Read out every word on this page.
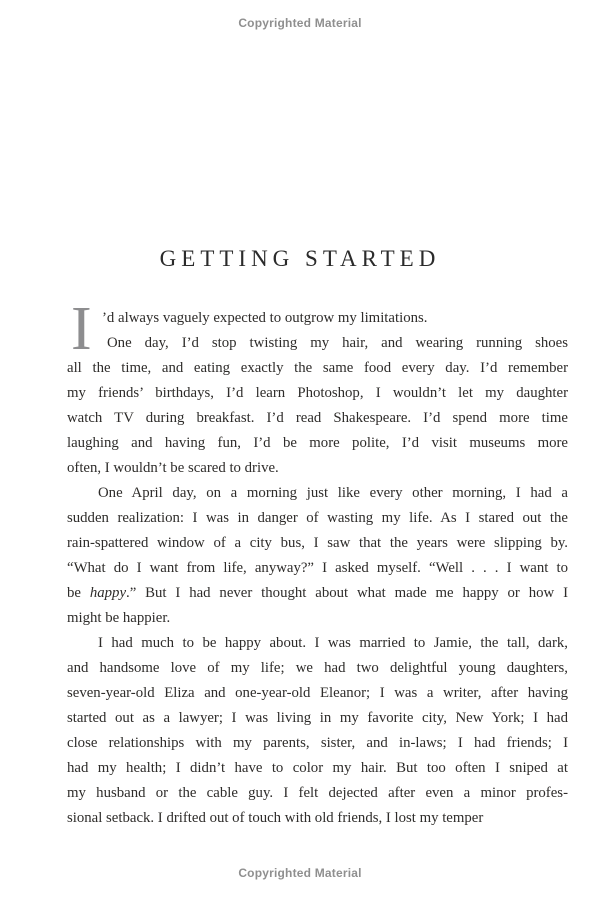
Copyrighted Material
GETTING STARTED
I ’d always vaguely expected to outgrow my limitations.
One day, I’d stop twisting my hair, and wearing running shoes
all the time, and eating exactly the same food every day. I’d remember
my friends’ birthdays, I’d learn Photoshop, I wouldn’t let my daughter
watch TV during breakfast. I’d read Shakespeare. I’d spend more time
laughing and having fun, I’d be more polite, I’d visit museums more
often, I wouldn’t be scared to drive.
One April day, on a morning just like every other morning, I had a
sudden realization: I was in danger of wasting my life. As I stared out the
rain-spattered window of a city bus, I saw that the years were slipping by.
“What do I want from life, anyway?” I asked myself. “Well . . . I want to
be happy.” But I had never thought about what made me happy or how I
might be happier.
I had much to be happy about. I was married to Jamie, the tall, dark,
and handsome love of my life; we had two delightful young daughters,
seven-year-old Eliza and one-year-old Eleanor; I was a writer, after having
started out as a lawyer; I was living in my favorite city, New York; I had
close relationships with my parents, sister, and in-laws; I had friends; I
had my health; I didn’t have to color my hair. But too often I sniped at
my husband or the cable guy. I felt dejected after even a minor profes-
sional setback. I drifted out of touch with old friends, I lost my temper
Copyrighted Material
